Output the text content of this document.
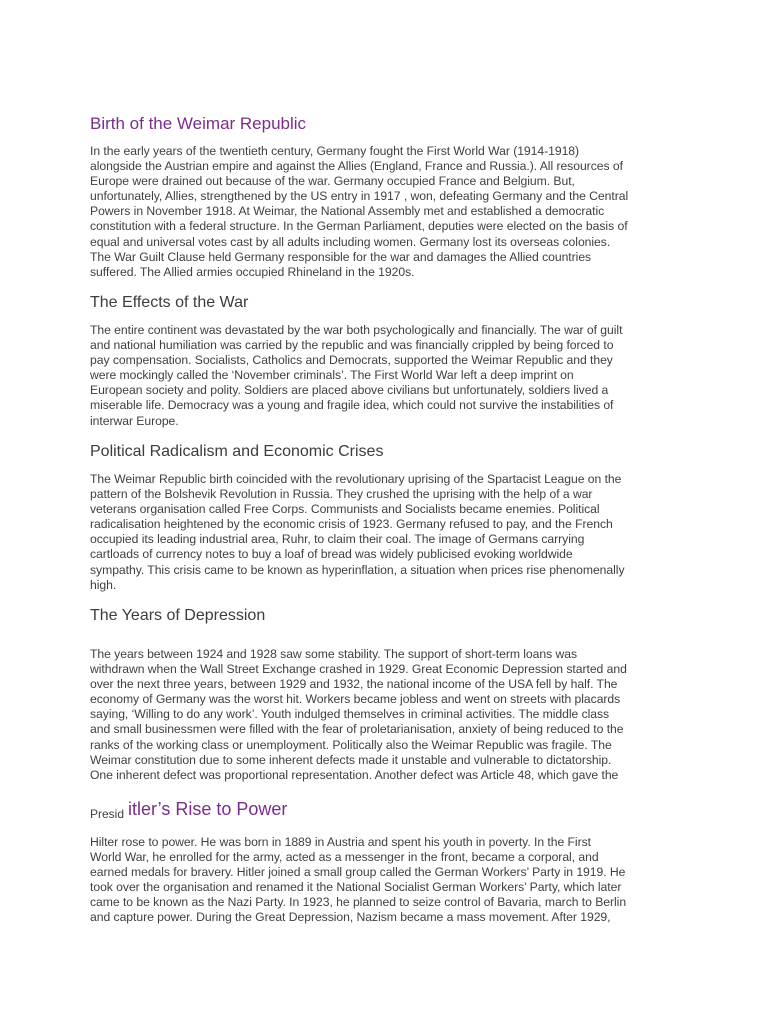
Birth of the Weimar Republic
In the early years of the twentieth century, Germany fought the First World War (1914-1918)
alongside the Austrian empire and against the Allies (England, France and Russia.). All resources of
Europe were drained out because of the war. Germany occupied France and Belgium. But,
unfortunately, Allies, strengthened by the US entry in 1917 , won, defeating Germany and the Central
Powers in November 1918. At Weimar, the National Assembly met and established a democratic
constitution with a federal structure. In the German Parliament, deputies were elected on the basis of
equal and universal votes cast by all adults including women. Germany lost its overseas colonies.
The War Guilt Clause held Germany responsible for the war and damages the Allied countries
suffered. The Allied armies occupied Rhineland in the 1920s.
The Effects of the War
The entire continent was devastated by the war both psychologically and financially. The war of guilt
and national humiliation was carried by the republic and was financially crippled by being forced to
pay compensation. Socialists, Catholics and Democrats, supported the Weimar Republic and they
were mockingly called the ‘November criminals’. The First World War left a deep imprint on
European society and polity. Soldiers are placed above civilians but unfortunately, soldiers lived a
miserable life. Democracy was a young and fragile idea, which could not survive the instabilities of
interwar Europe.
Political Radicalism and Economic Crises
The Weimar Republic birth coincided with the revolutionary uprising of the Spartacist League on the
pattern of the Bolshevik Revolution in Russia. They crushed the uprising with the help of a war
veterans organisation called Free Corps. Communists and Socialists became enemies. Political
radicalisation heightened by the economic crisis of 1923. Germany refused to pay, and the French
occupied its leading industrial area, Ruhr, to claim their coal. The image of Germans carrying
cartloads of currency notes to buy a loaf of bread was widely publicised evoking worldwide
sympathy. This crisis came to be known as hyperinflation, a situation when prices rise phenomenally
high.
The Years of Depression
The years between 1924 and 1928 saw some stability. The support of short-term loans was
withdrawn when the Wall Street Exchange crashed in 1929. Great Economic Depression started and
over the next three years, between 1929 and 1932, the national income of the USA fell by half. The
economy of Germany was the worst hit. Workers became jobless and went on streets with placards
saying, ‘Willing to do any work’. Youth indulged themselves in criminal activities. The middle class
and small businessmen were filled with the fear of proletarianisation, anxiety of being reduced to the
ranks of the working class or unemployment. Politically also the Weimar Republic was fragile. The
Weimar constitution due to some inherent defects made it unstable and vulnerable to dictatorship.
One inherent defect was proportional representation. Another defect was Article 48, which gave the
Presid itler’s Rise to Power
Hilter rose to power. He was born in 1889 in Austria and spent his youth in poverty. In the First
World War, he enrolled for the army, acted as a messenger in the front, became a corporal, and
earned medals for bravery. Hitler joined a small group called the German Workers’ Party in 1919. He
took over the organisation and renamed it the National Socialist German Workers’ Party, which later
came to be known as the Nazi Party. In 1923, he planned to seize control of Bavaria, march to Berlin
and capture power. During the Great Depression, Nazism became a mass movement. After 1929,
